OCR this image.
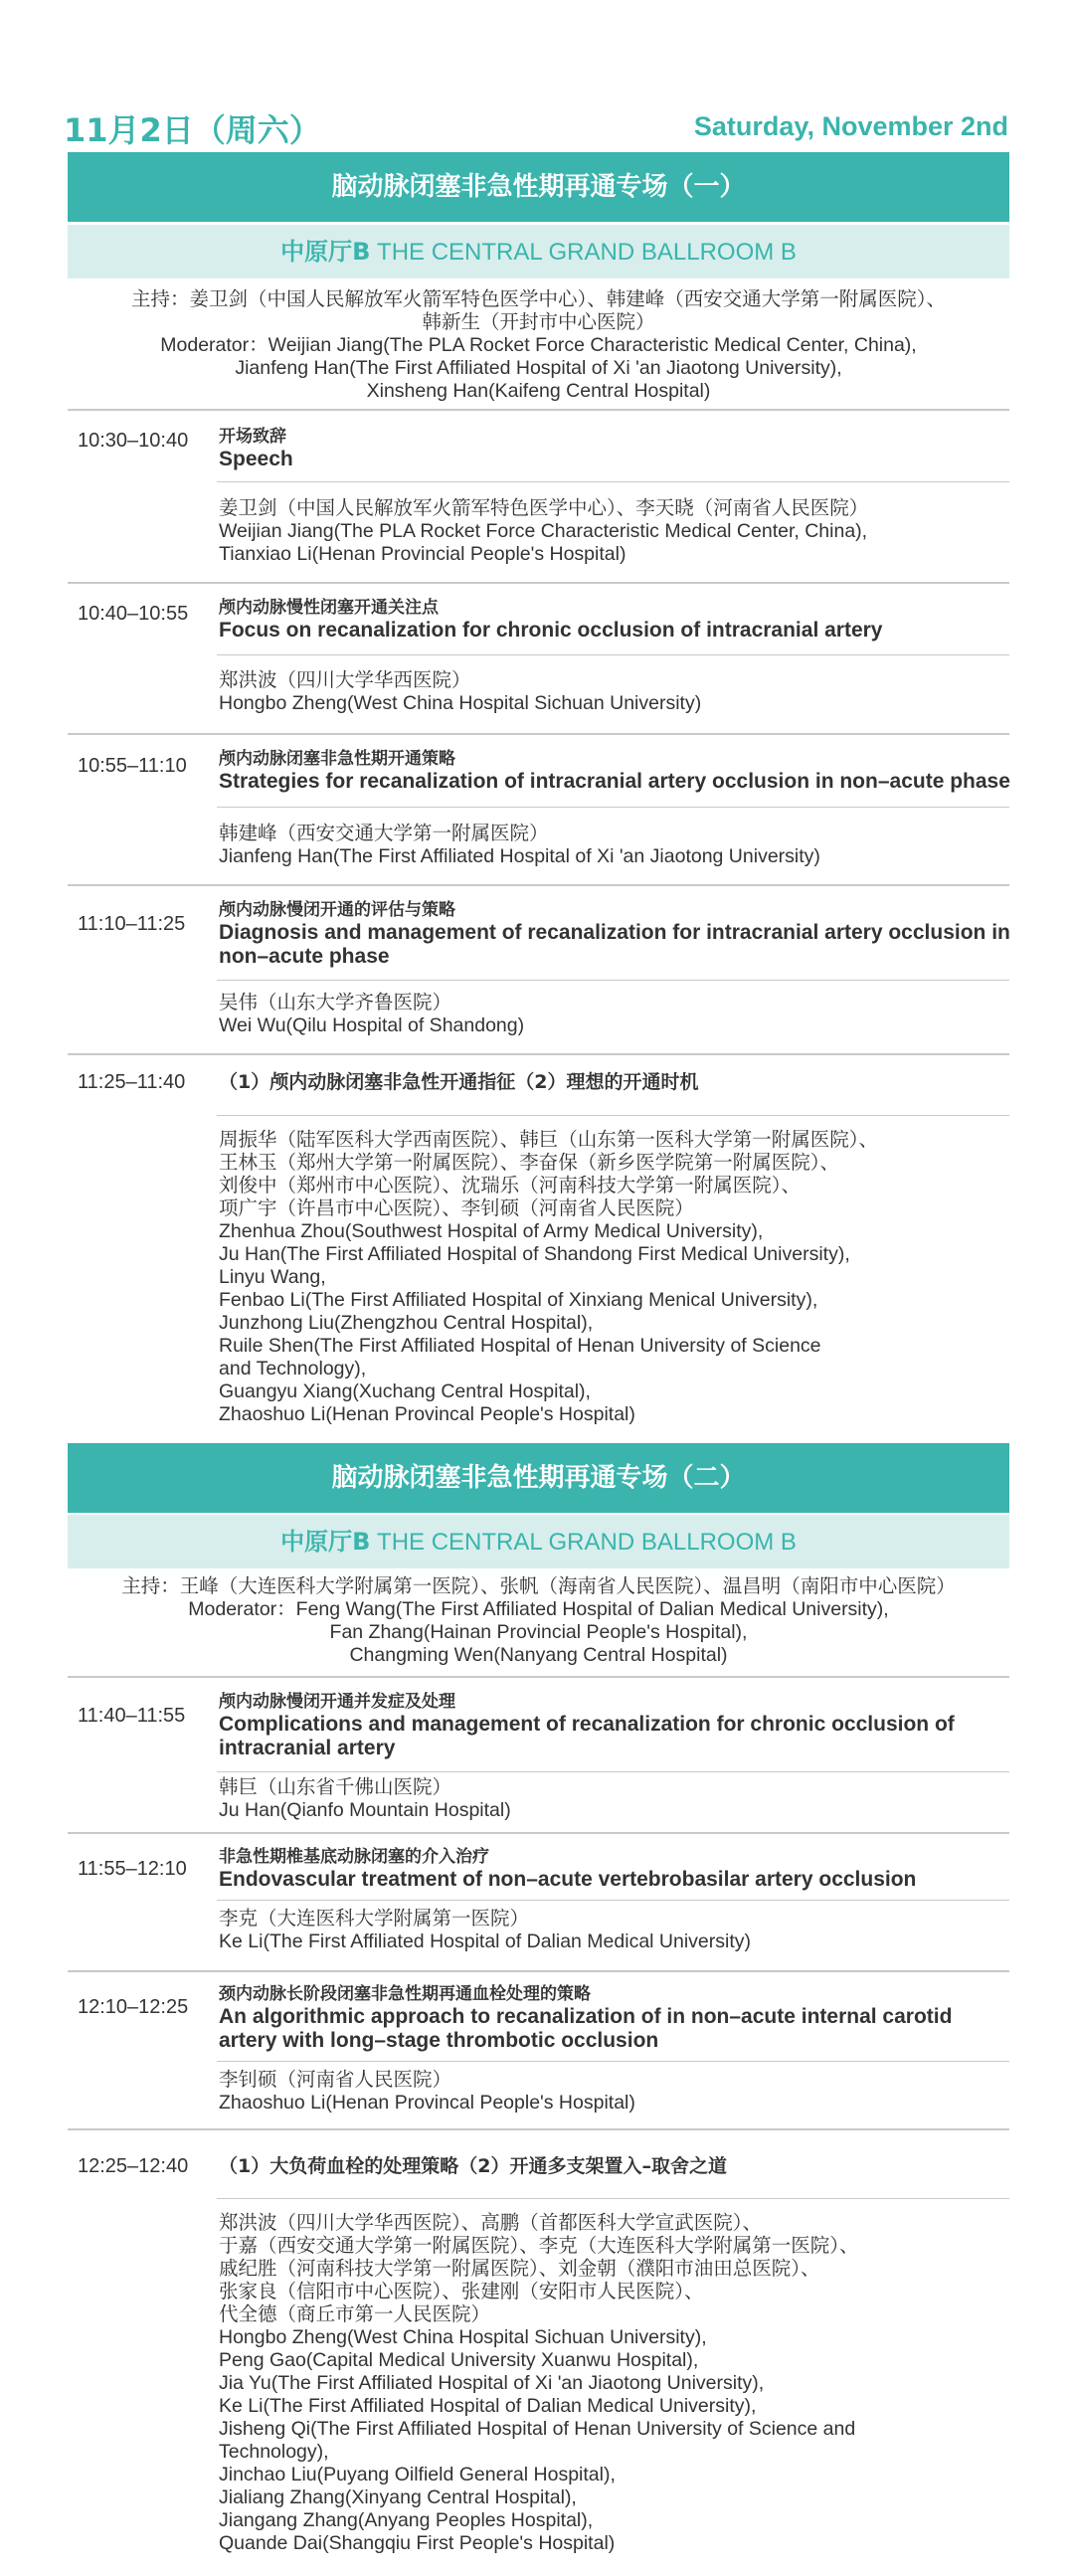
11月2日（周六）	Saturday, November 2nd
脑动脉闭塞非急性期再通专场（一）
中原厅B THE CENTRAL GRAND BALLROOM B
主持：姜卫剑（中国人民解放军火箭军特色医学中心）、韩建峰（西安交通大学第一附属医院）、
韩新生（开封市中心医院）
Moderator：Weijian Jiang(The PLA Rocket Force Characteristic Medical Center, China),
Jianfeng Han(The First Affiliated Hospital of Xi 'an Jiaotong University),
Xinsheng Han(Kaifeng Central Hospital)
10:30–10:40 开场致辞
Speech
姜卫剑（中国人民解放军火箭军特色医学中心）、李天晓（河南省人民医院）
Weijian Jiang(The PLA Rocket Force Characteristic Medical Center, China),
Tianxiao Li(Henan Provincial People's Hospital)
10:40–10:55 颅内动脉慢性闭塞开通关注点
Focus on recanalization for chronic occlusion of intracranial artery
郑洪波（四川大学华西医院）
Hongbo Zheng(West China Hospital Sichuan University)
10:55–11:10 颅内动脉闭塞非急性期开通策略
Strategies for recanalization of intracranial artery occlusion in non–acute phase
韩建峰（西安交通大学第一附属医院）
Jianfeng Han(The First Affiliated Hospital of Xi 'an Jiaotong University)
11:10–11:25
颅内动脉慢闭开通的评估与策略
Diagnosis and management of recanalization for intracranial artery occlusion in non–acute phase
吴伟（山东大学齐鲁医院）
Wei Wu(Qilu Hospital of Shandong)
11:25–11:40 （1）颅内动脉闭塞非急性开通指征（2）理想的开通时机
周振华（陆军医科大学西南医院）、韩巨（山东第一医科大学第一附属医院）、
王林玉（郑州大学第一附属医院）、李奋保（新乡医学院第一附属医院）、
刘俊中（郑州市中心医院）、沈瑞乐（河南科技大学第一附属医院）、
项广宇（许昌市中心医院）、李钊硕（河南省人民医院）
Zhenhua Zhou(Southwest Hospital of Army Medical University),
Ju Han(The First Affiliated Hospital of Shandong First Medical University),
Linyu Wang,
Fenbao Li(The First Affiliated Hospital of Xinxiang Menical University),
Junzhong Liu(Zhengzhou Central Hospital),
Ruile Shen(The First Affiliated Hospital of Henan University of Science
and Technology),
Guangyu Xiang(Xuchang Central Hospital),
Zhaoshuo Li(Henan Provincal People's Hospital)
脑动脉闭塞非急性期再通专场（二）
中原厅B THE CENTRAL GRAND BALLROOM B
主持：王峰（大连医科大学附属第一医院）、张帆（海南省人民医院）、温昌明（南阳市中心医院）
Moderator：Feng Wang(The First Affiliated Hospital of Dalian Medical University),
Fan Zhang(Hainan Provincial People's Hospital),
Changming Wen(Nanyang Central Hospital)
11:40–11:55
颅内动脉慢闭开通并发症及处理
Complications and management of recanalization for chronic occlusion of intracranial artery
韩巨（山东省千佛山医院）
Ju Han(Qianfo Mountain Hospital)
11:55–12:10
非急性期椎基底动脉闭塞的介入治疗
Endovascular treatment of non–acute vertebrobasilar artery occlusion
李克（大连医科大学附属第一医院）
Ke Li(The First Affiliated Hospital of Dalian Medical University)
12:10–12:25
颈内动脉长阶段闭塞非急性期再通血栓处理的策略
An algorithmic approach to recanalization of in non–acute internal carotid artery with long–stage thrombotic occlusion
李钊硕（河南省人民医院）
Zhaoshuo Li(Henan Provincal People's Hospital)
12:25–12:40 （1）大负荷血栓的处理策略（2）开通多支架置入–取舍之道
郑洪波（四川大学华西医院）、高鹏（首都医科大学宣武医院）、
于嘉（西安交通大学第一附属医院）、李克（大连医科大学附属第一医院）、
戚纪胜（河南科技大学第一附属医院）、刘金朝（濮阳市油田总医院）、
张家良（信阳市中心医院）、张建刚（安阳市人民医院）、
代全德（商丘市第一人民医院）
Hongbo Zheng(West China Hospital Sichuan University),
Peng Gao(Capital Medical University Xuanwu Hospital),
Jia Yu(The First Affiliated Hospital of Xi 'an Jiaotong University),
Ke Li(The First Affiliated Hospital of Dalian Medical University),
Jisheng Qi(The First Affiliated Hospital of Henan University of Science and
Technology),
Jinchao Liu(Puyang Oilfield General Hospital),
Jialiang Zhang(Xinyang Central Hospital),
Jiangang Zhang(Anyang Peoples Hospital),
Quande Dai(Shangqiu First People's Hospital)
